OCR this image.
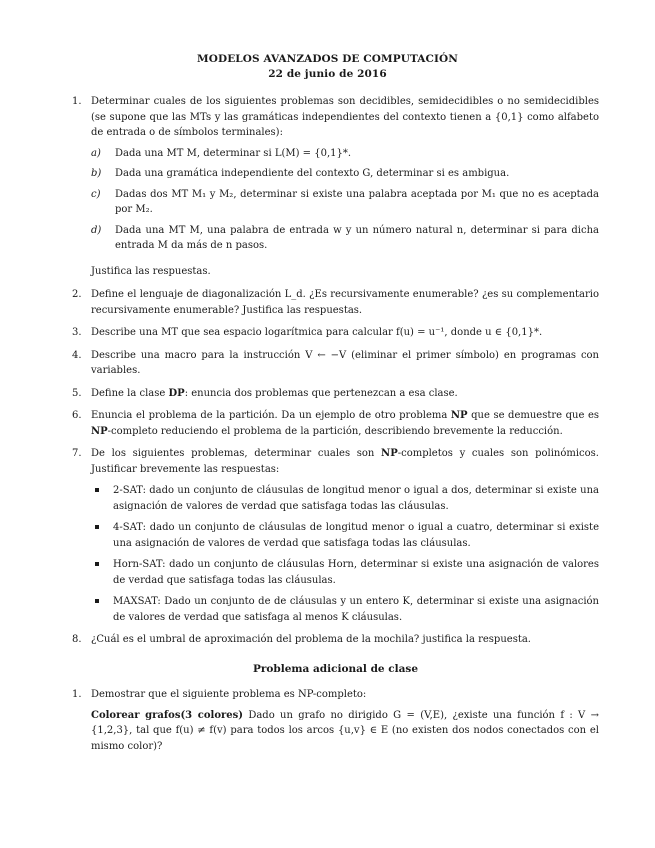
MODELOS AVANZADOS DE COMPUTACIÓN
22 de junio de 2016
1. Determinar cuales de los siguientes problemas son decidibles, semidecidibles o no semidecidibles (se supone que las MTs y las gramáticas independientes del contexto tienen a {0,1} como alfabeto de entrada o de símbolos terminales):
a) Dada una MT M, determinar si L(M) = {0,1}*.
b) Dada una gramática independiente del contexto G, determinar si es ambigua.
c) Dadas dos MT M₁ y M₂, determinar si existe una palabra aceptada por M₁ que no es aceptada por M₂.
d) Dada una MT M, una palabra de entrada w y un número natural n, determinar si para dicha entrada M da más de n pasos.
Justifica las respuestas.
2. Define el lenguaje de diagonalización L_d. ¿Es recursivamente enumerable? ¿es su complementario recursivamente enumerable? Justifica las respuestas.
3. Describe una MT que sea espacio logarítmica para calcular f(u) = u⁻¹, donde u ∈ {0,1}*.
4. Describe una macro para la instrucción V ← −V (eliminar el primer símbolo) en programas con variables.
5. Define la clase DP: enuncia dos problemas que pertenezcan a esa clase.
6. Enuncia el problema de la partición. Da un ejemplo de otro problema NP que se demuestre que es NP-completo reduciendo el problema de la partición, describiendo brevemente la reducción.
7. De los siguientes problemas, determinar cuales son NP-completos y cuales son polinómicos. Justificar brevemente las respuestas:
2-SAT: dado un conjunto de cláusulas de longitud menor o igual a dos, determinar si existe una asignación de valores de verdad que satisfaga todas las cláusulas.
4-SAT: dado un conjunto de cláusulas de longitud menor o igual a cuatro, determinar si existe una asignación de valores de verdad que satisfaga todas las cláusulas.
Horn-SAT: dado un conjunto de cláusulas Horn, determinar si existe una asignación de valores de verdad que satisfaga todas las cláusulas.
MAXSAT: Dado un conjunto de de cláusulas y un entero K, determinar si existe una asignación de valores de verdad que satisfaga al menos K cláusulas.
8. ¿Cuál es el umbral de aproximación del problema de la mochila? justifica la respuesta.
Problema adicional de clase
1. Demostrar que el siguiente problema es NP-completo:
Colorear grafos(3 colores) Dado un grafo no dirigido G = (V,E), ¿existe una función f : V → {1,2,3}, tal que f(u) ≠ f(v) para todos los arcos {u,v} ∈ E (no existen dos nodos conectados con el mismo color)?
